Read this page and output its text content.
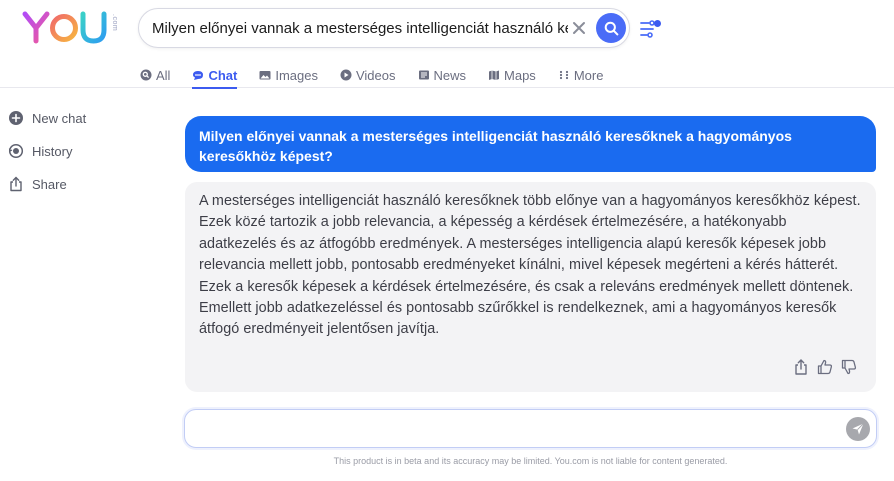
.com
Milyen előnyei vannak a mesterséges intelligenciát használó keresőknek
All	Chat	Images	Videos	News	Maps	More
New chat
History
Share
Milyen előnyei vannak a mesterséges intelligenciát használó keresőknek a hagyományos keresőkhöz képest?
A mesterséges intelligenciát használó keresőknek több előnye van a hagyományos keresőkhöz képest. Ezek közé tartozik a jobb relevancia, a képesség a kérdések értelmezésére, a hatékonyabb adatkezelés és az átfogóbb eredmények. A mesterséges intelligencia alapú keresők képesek jobb relevancia mellett jobb, pontosabb eredményeket kínálni, mivel képesek megérteni a kérés hátterét. Ezek a keresők képesek a kérdések értelmezésére, és csak a releváns eredmények mellett döntenek. Emellett jobb adatkezeléssel és pontosabb szűrőkkel is rendelkeznek, ami a hagyományos keresők átfogó eredményeit jelentősen javítja.
This product is in beta and its accuracy may be limited. You.com is not liable for content generated.
